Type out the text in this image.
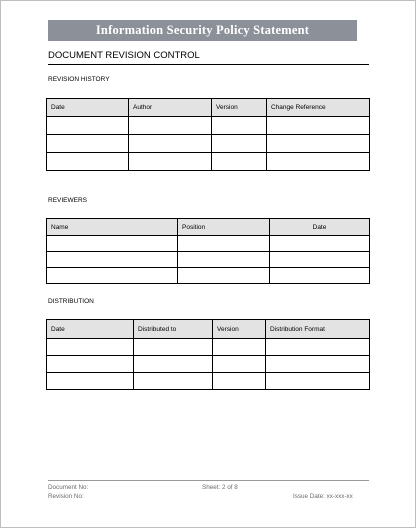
Information Security Policy Statement
DOCUMENT REVISION CONTROL
REVISION HISTORY
Date	Author	Version	Change Reference

REVIEWERS
Name	Position	Date

DISTRIBUTION
Date	Distributed to	Version	Distribution Format

Document No:	Sheet: 2 of 8
Revision No:	Issue Date: xx-xxx-xx
